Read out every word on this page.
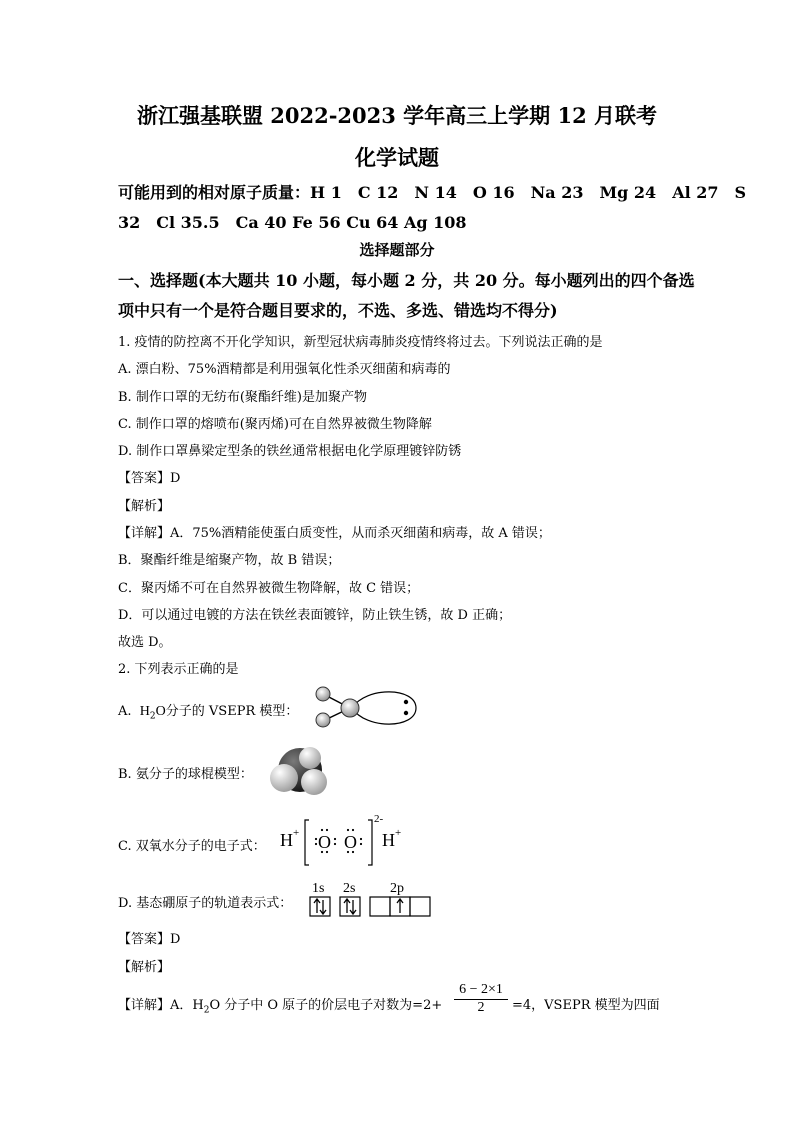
浙江强基联盟 2022-2023 学年高三上学期 12 月联考
化学试题
可能用到的相对原子质量：H 1　C 12　N 14　O 16　Na 23　Mg 24　Al 27　S
32　Cl 35.5　Ca 40 Fe 56 Cu 64 Ag 108
选择题部分
一、选择题(本大题共 10 小题，每小题 2 分，共 20 分。每小题列出的四个备选
项中只有一个是符合题目要求的，不选、多选、错选均不得分)
1. 疫情的防控离不开化学知识，新型冠状病毒肺炎疫情终将过去。下列说法正确的是
A. 漂白粉、75%酒精都是利用强氧化性杀灭细菌和病毒的
B. 制作口罩的无纺布(聚酯纤维)是加聚产物
C. 制作口罩的熔喷布(聚丙烯)可在自然界被微生物降解
D. 制作口罩鼻梁定型条的铁丝通常根据电化学原理镀锌防锈
【答案】D
【解析】
【详解】A．75%酒精能使蛋白质变性，从而杀灭细菌和病毒，故 A 错误；
B．聚酯纤维是缩聚产物，故 B 错误；
C．聚丙烯不可在自然界被微生物降解，故 C 错误；
D．可以通过电镀的方法在铁丝表面镀锌，防止铁生锈，故 D 正确；
故选 D。
2. 下列表示正确的是
A. $H_2O$分子的 VSEPR 模型：
B. 氨分子的球棍模型：
C. 双氧水分子的电子式： H + O O
2-
H +
D. 基态硼原子的轨道表示式：
1s 2s 2p
【答案】D
【解析】
【详解】A．$H_2O$ 分子中 O 原子的价层电子对数为=2+
6 − 2×1
2	=4，VSEPR 模型为四面
